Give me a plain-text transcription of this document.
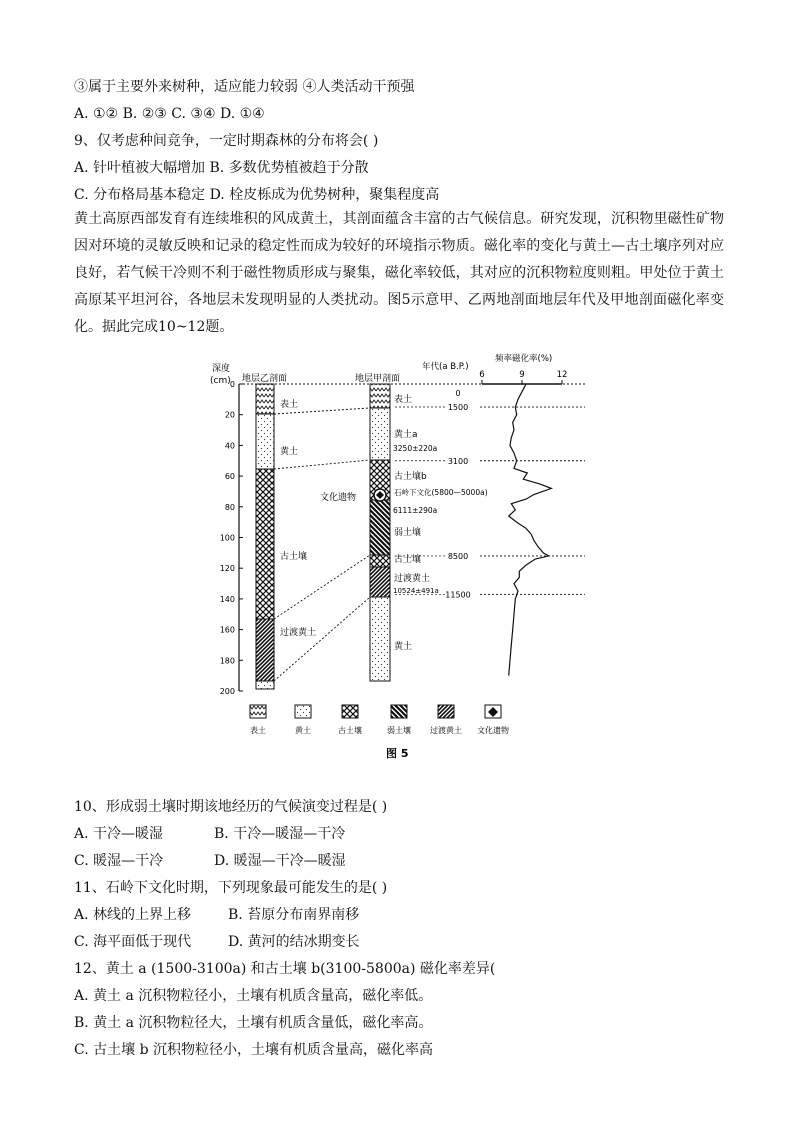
③属于主要外来树种，适应能力较弱 ④人类活动干预强
A. ①② B. ②③ C. ③④ D. ①④
9、仅考虑种间竞争，一定时期森林的分布将会( )
A. 针叶植被大幅增加 B. 多数优势植被趋于分散
C. 分布格局基本稳定 D. 栓皮栎成为优势树种，聚集程度高
黄土高原西部发育有连续堆积的风成黄土，其剖面蕴含丰富的古气候信息。研究发现，沉积物里磁性矿物因对环境的灵敏反映和记录的稳定性而成为较好的环境指示物质。磁化率的变化与黄土—古土壤序列对应良好，若气候干冷则不利于磁性物质形成与聚集，磁化率较低，其对应的沉积物粒度则粗。甲处位于黄土高原某平坦河谷，各地层未发现明显的人类扰动。图5示意甲、乙两地剖面地层年代及甲地剖面磁化率变化。据此完成10~12题。
深度
(cm) 地层乙剖面	地层甲剖面
年代(a B.P.)
频率磁化率(%)
6	9	12
0
20
40
60
80
100
120
140
160
180
200
表土
黄土
古土壤
过渡黄土
文化遗物
表土
黄土a
3250±220a
古土壤b
石岭下文化(5800—5000a)
6111±290a
弱土壤
古土壤
过渡黄土
10524±491a
黄土
0
1500
3100
8500
11500
表土	黄土	古土壤	弱土壤 过渡黄土 文化遗物
图 5
10、形成弱土壤时期该地经历的气候演变过程是( )
A. 干冷—暖湿	B. 干冷—暖湿—干冷
C. 暖湿—干冷	D. 暖湿—干冷—暖湿
11、石岭下文化时期，下列现象最可能发生的是( )
A. 林线的上界上移	B. 苔原分布南界南移
C. 海平面低于现代	D. 黄河的结冰期变长
12、黄土 a (1500-3100a) 和古土壤 b(3100-5800a) 磁化率差异(
A. 黄土 a 沉积物粒径小，土壤有机质含量高，磁化率低。
B. 黄土 a 沉积物粒径大，土壤有机质含量低，磁化率高。
C. 古土壤 b 沉积物粒径小，土壤有机质含量高，磁化率高
